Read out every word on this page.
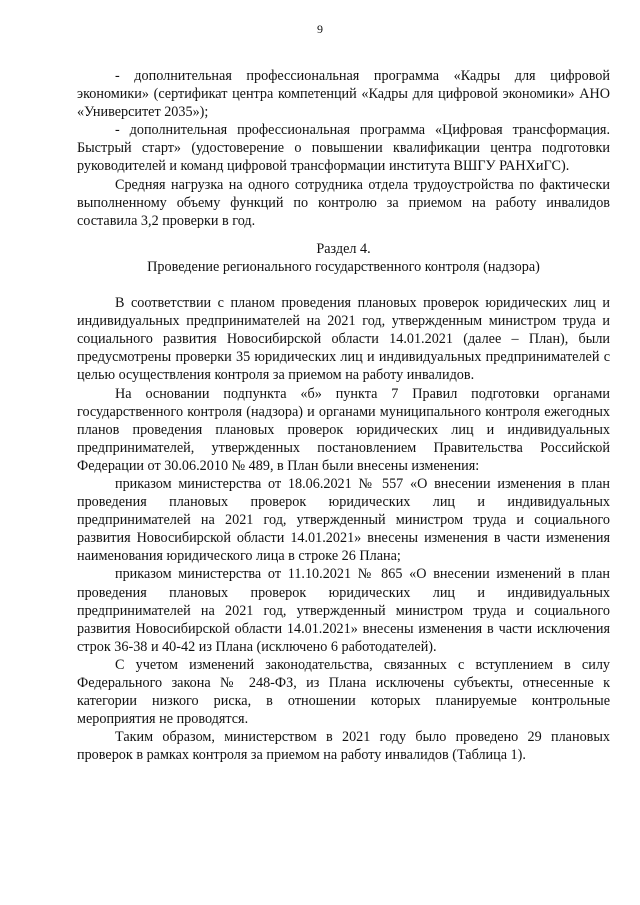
9

- дополнительная профессиональная программа «Кадры для цифровой экономики» (сертификат центра компетенций «Кадры для цифровой экономики» АНО «Университет 2035»);

- дополнительная профессиональная программа «Цифровая трансформация. Быстрый старт» (удостоверение о повышении квалификации центра подготовки руководителей и команд цифровой трансформации института ВШГУ РАНХиГС).

Средняя нагрузка на одного сотрудника отдела трудоустройства по фактически выполненному объему функций по контролю за приемом на работу инвалидов составила 3,2 проверки в год.

Раздел 4.

Проведение регионального государственного контроля (надзора)

В соответствии с планом проведения плановых проверок юридических лиц и индивидуальных предпринимателей на 2021 год, утвержденным министром труда и социального развития Новосибирской области 14.01.2021 (далее – План), были предусмотрены проверки 35 юридических лиц и индивидуальных предпринимателей с целью осуществления контроля за приемом на работу инвалидов.

На основании подпункта «б» пункта 7 Правил подготовки органами государственного контроля (надзора) и органами муниципального контроля ежегодных планов проведения плановых проверок юридических лиц и индивидуальных предпринимателей, утвержденных постановлением Правительства Российской Федерации от 30.06.2010 № 489, в План были внесены изменения:

приказом министерства от 18.06.2021 № 557 «О внесении изменения в план проведения плановых проверок юридических лиц и индивидуальных предпринимателей на 2021 год, утвержденный министром труда и социального развития Новосибирской области 14.01.2021» внесены изменения в части изменения наименования юридического лица в строке 26 Плана;

приказом министерства от 11.10.2021 № 865 «О внесении изменений в план проведения плановых проверок юридических лиц и индивидуальных предпринимателей на 2021 год, утвержденный министром труда и социального развития Новосибирской области 14.01.2021» внесены изменения в части исключения строк 36-38 и 40-42 из Плана (исключено 6 работодателей).

С учетом изменений законодательства, связанных с вступлением в силу Федерального закона № 248-ФЗ, из Плана исключены субъекты, отнесенные к категории низкого риска, в отношении которых планируемые контрольные мероприятия не проводятся.

Таким образом, министерством в 2021 году было проведено 29 плановых проверок в рамках контроля за приемом на работу инвалидов (Таблица 1).
